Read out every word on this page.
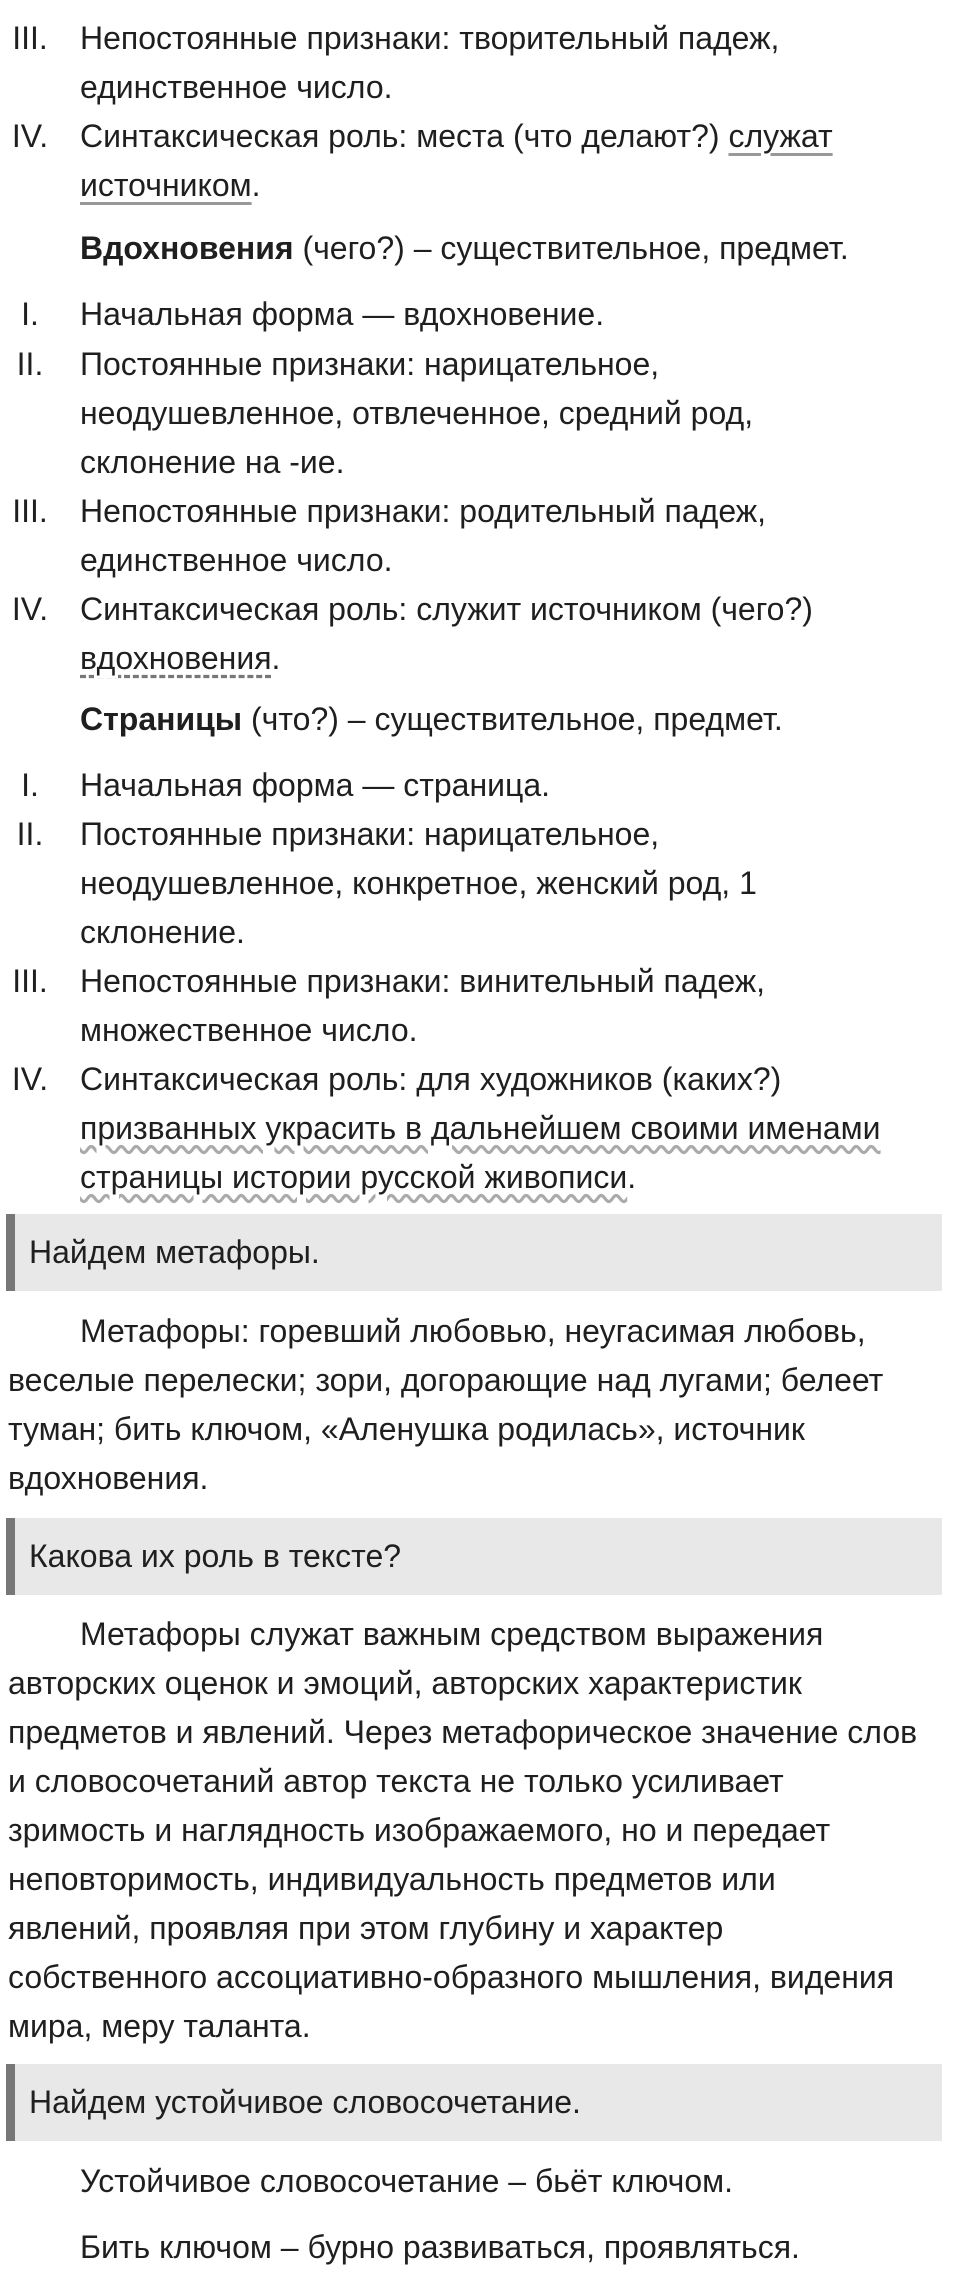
III.	Непостоянные признаки: творительный падеж,
единственное число.
IV. Синтаксическая роль: места (что делают?) служат
источником.
Вдохновения (чего?) – существительное, предмет.
I.	Начальная форма — вдохновение.
II.	Постоянные признаки: нарицательное,
неодушевленное, отвлеченное, средний род,
склонение на -ие.
III.	Непостоянные признаки: родительный падеж,
единственное число.
IV. Синтаксическая роль: служит источником (чего?)
вдохновения.
Страницы (что?) – существительное, предмет.
I.	Начальная форма — страница.
II.	Постоянные признаки: нарицательное,
неодушевленное, конкретное, женский род, 1
склонение.
III.	Непостоянные признаки: винительный падеж,
множественное число.
IV. Синтаксическая роль: для художников (каких?)
призванных украсить в дальнейшем своими именами
страницы истории русской живописи.
Найдем метафоры.
Метафоры: горевший любовью, неугасимая любовь,
веселые перелески; зори, догорающие над лугами; белеет
туман; бить ключом, «Аленушка родилась», источник
вдохновения.
Какова их роль в тексте?
Метафоры служат важным средством выражения
авторских оценок и эмоций, авторских характеристик
предметов и явлений. Через метафорическое значение слов
и словосочетаний автор текста не только усиливает
зримость и наглядность изображаемого, но и передает
неповторимость, индивидуальность предметов или
явлений, проявляя при этом глубину и характер
собственного ассоциативно-образного мышления, видения
мира, меру таланта.
Найдем устойчивое словосочетание.
Устойчивое словосочетание – бьёт ключом.
Бить ключом – бурно развиваться, проявляться.
